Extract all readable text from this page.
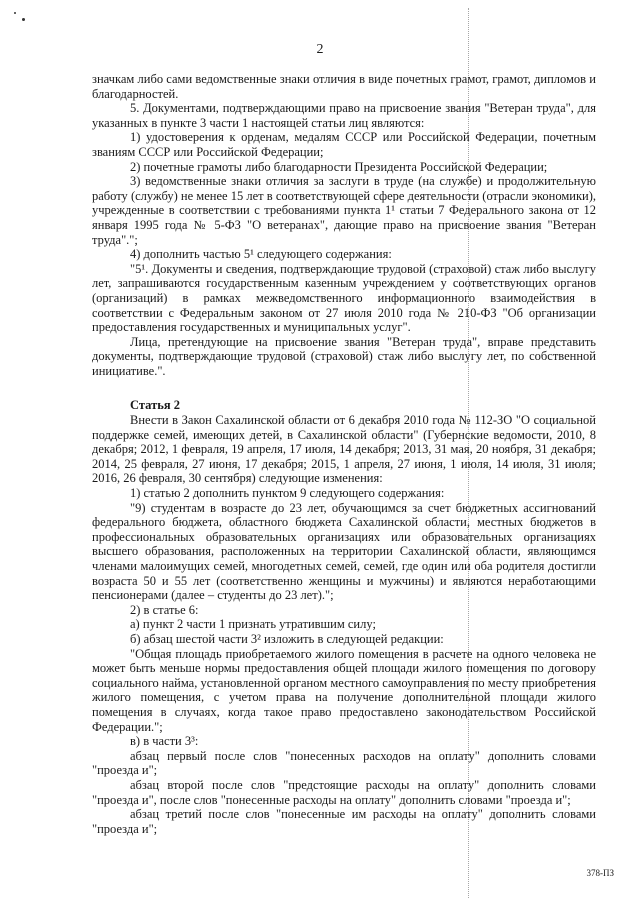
2

значкам либо сами ведомственные знаки отличия в виде почетных грамот, грамот, дипломов и благодарностей.

5. Документами, подтверждающими право на присвоение звания "Ветеран труда", для указанных в пункте 3 части 1 настоящей статьи лиц являются:

1) удостоверения к орденам, медалям СССР или Российской Федерации, почетным званиям СССР или Российской Федерации;

2) почетные грамоты либо благодарности Президента Российской Федерации;

3) ведомственные знаки отличия за заслуги в труде (на службе) и продолжительную работу (службу) не менее 15 лет в соответствующей сфере деятельности (отрасли экономики), учрежденные в соответствии с требованиями пункта 1¹ статьи 7 Федерального закона от 12 января 1995 года № 5-ФЗ "О ветеранах", дающие право на присвоение звания "Ветеран труда".";

4) дополнить частью 5¹ следующего содержания:

"5¹. Документы и сведения, подтверждающие трудовой (страховой) стаж либо выслугу лет, запрашиваются государственным казенным учреждением у соответствующих органов (организаций) в рамках межведомственного информационного взаимодействия в соответствии с Федеральным законом от 27 июля 2010 года № 210-ФЗ "Об организации предоставления государственных и муниципальных услуг".

Лица, претендующие на присвоение звания "Ветеран труда", вправе представить документы, подтверждающие трудовой (страховой) стаж либо выслугу лет, по собственной инициативе.".

Статья 2

Внести в Закон Сахалинской области от 6 декабря 2010 года № 112-ЗО "О социальной поддержке семей, имеющих детей, в Сахалинской области" (Губернские ведомости, 2010, 8 декабря; 2012, 1 февраля, 19 апреля, 17 июля, 14 декабря; 2013, 31 мая, 20 ноября, 31 декабря; 2014, 25 февраля, 27 июня, 17 декабря; 2015, 1 апреля, 27 июня, 1 июля, 14 июля, 31 июля; 2016, 26 февраля, 30 сентября) следующие изменения:

1) статью 2 дополнить пунктом 9 следующего содержания:

"9) студентам в возрасте до 23 лет, обучающимся за счет бюджетных ассигнований федерального бюджета, областного бюджета Сахалинской области, местных бюджетов в профессиональных образовательных организациях или образовательных организациях высшего образования, расположенных на территории Сахалинской области, являющимся членами малоимущих семей, многодетных семей, семей, где один или оба родителя достигли возраста 50 и 55 лет (соответственно женщины и мужчины) и являются неработающими пенсионерами (далее – студенты до 23 лет).";

2) в статье 6:

а) пункт 2 части 1 признать утратившим силу;

б) абзац шестой части 3² изложить в следующей редакции:

"Общая площадь приобретаемого жилого помещения в расчете на одного человека не может быть меньше нормы предоставления общей площади жилого помещения по договору социального найма, установленной органом местного самоуправления по месту приобретения жилого помещения, с учетом права на получение дополнительной площади жилого помещения в случаях, когда такое право предоставлено законодательством Российской Федерации.";

в) в части 3³:

абзац первый после слов "понесенных расходов на оплату" дополнить словами "проезда и";

абзац второй после слов "предстоящие расходы на оплату" дополнить словами "проезда и", после слов "понесенные расходы на оплату" дополнить словами "проезда и";

абзац третий после слов "понесенные им расходы на оплату" дополнить словами "проезда и";

378-ПЗ
